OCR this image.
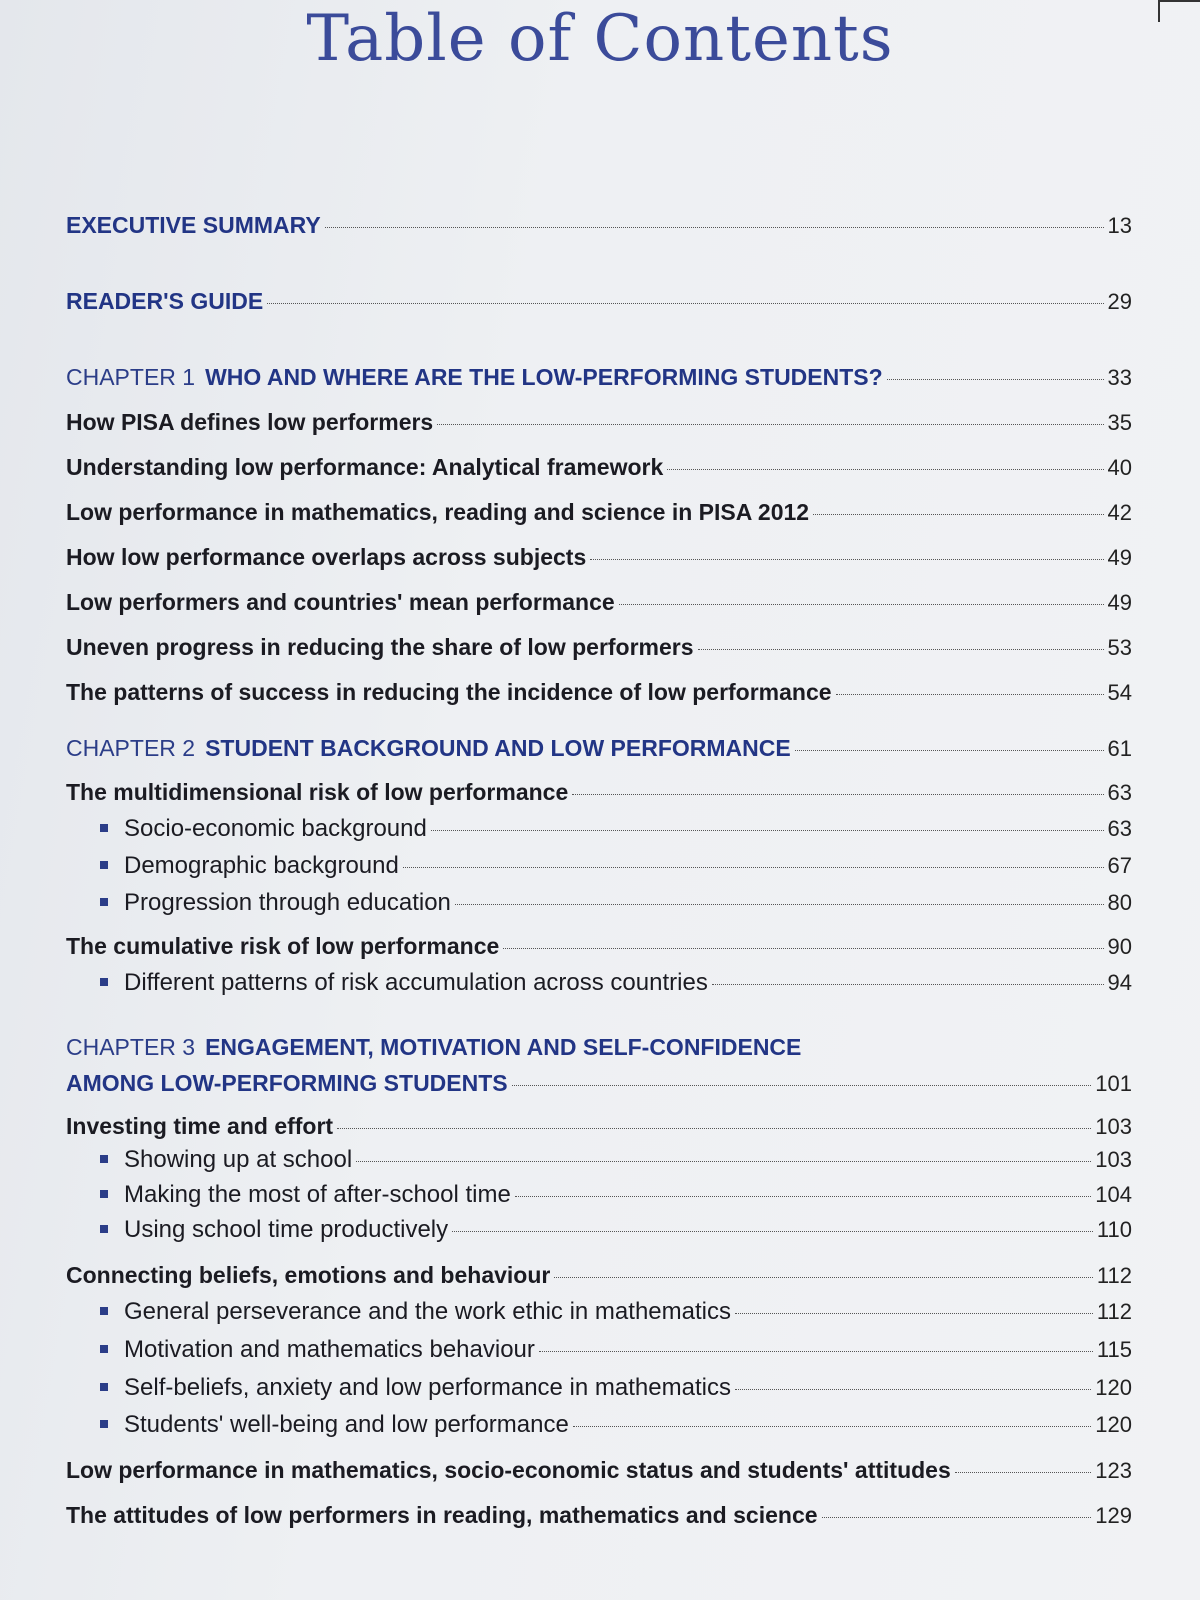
Table of Contents
EXECUTIVE SUMMARY	13
READER'S GUIDE	29
CHAPTER 1 WHO AND WHERE ARE THE LOW-PERFORMING STUDENTS?	33
How PISA defines low performers	35
Understanding low performance: Analytical framework	40
Low performance in mathematics, reading and science in PISA 2012	42
How low performance overlaps across subjects	49
Low performers and countries' mean performance	49
Uneven progress in reducing the share of low performers	53
The patterns of success in reducing the incidence of low performance	54
CHAPTER 2 STUDENT BACKGROUND AND LOW PERFORMANCE	61
The multidimensional risk of low performance	63
Socio-economic background	63
Demographic background	67
Progression through education	80
The cumulative risk of low performance	90
Different patterns of risk accumulation across countries	94
CHAPTER 3 ENGAGEMENT, MOTIVATION AND SELF-CONFIDENCE
AMONG LOW-PERFORMING STUDENTS	101
Investing time and effort	103
Showing up at school	103
Making the most of after-school time	104
Using school time productively	110
Connecting beliefs, emotions and behaviour	112
General perseverance and the work ethic in mathematics	112
Motivation and mathematics behaviour	115
Self-beliefs, anxiety and low performance in mathematics	120
Students' well-being and low performance	120
Low performance in mathematics, socio-economic status and students' attitudes	123
The attitudes of low performers in reading, mathematics and science	129
